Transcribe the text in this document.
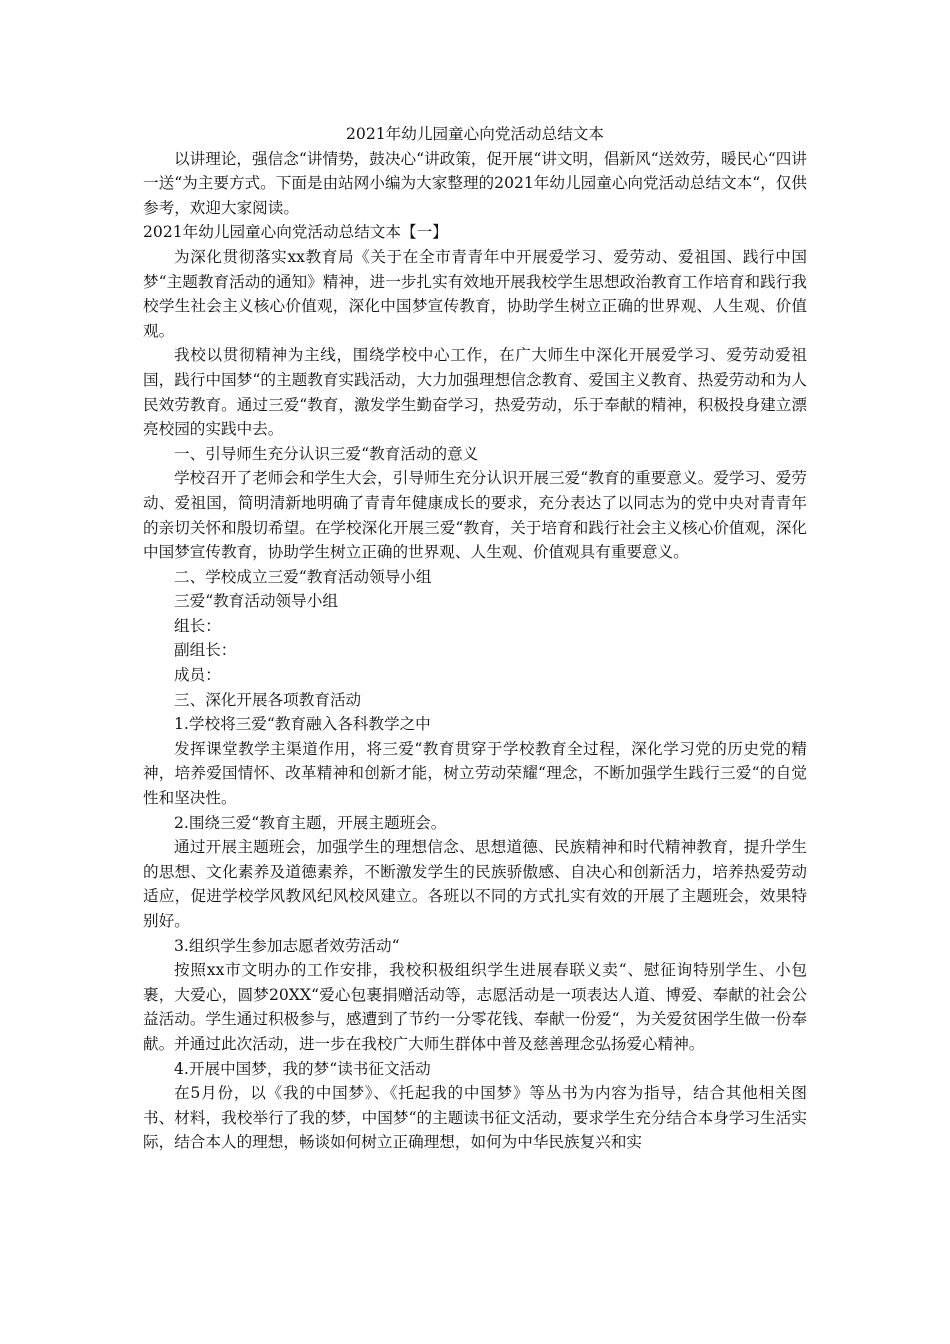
2021年幼儿园童心向党活动总结文本

以讲理论，强信念“讲情势，鼓决心“讲政策，促开展“讲文明，倡新风“送效劳，暖民心“四讲一送“为主要方式。下面是由站网小编为大家整理的2021年幼儿园童心向党活动总结文本“，仅供参考，欢迎大家阅读。

2021年幼儿园童心向党活动总结文本【一】

为深化贯彻落实xx教育局《关于在全市青青年中开展爱学习、爱劳动、爱祖国、践行中国梦“主题教育活动的通知》精神，进一步扎实有效地开展我校学生思想政治教育工作培育和践行我校学生社会主义核心价值观，深化中国梦宣传教育，协助学生树立正确的世界观、人生观、价值观。

我校以贯彻精神为主线，围绕学校中心工作，在广大师生中深化开展爱学习、爱劳动爱祖国，践行中国梦“的主题教育实践活动，大力加强理想信念教育、爱国主义教育、热爱劳动和为人民效劳教育。通过三爱“教育，激发学生勤奋学习，热爱劳动，乐于奉献的精神，积极投身建立漂亮校园的实践中去。

一、引导师生充分认识三爱“教育活动的意义

学校召开了老师会和学生大会，引导师生充分认识开展三爱“教育的重要意义。爱学习、爱劳动、爱祖国，简明清新地明确了青青年健康成长的要求，充分表达了以同志为的党中央对青青年的亲切关怀和殷切希望。在学校深化开展三爱“教育，关于培育和践行社会主义核心价值观，深化中国梦宣传教育，协助学生树立正确的世界观、人生观、价值观具有重要意义。

二、学校成立三爱“教育活动领导小组

三爱“教育活动领导小组

组长：

副组长：

成员：

三、深化开展各项教育活动

1.学校将三爱“教育融入各科教学之中

发挥课堂教学主渠道作用，将三爱“教育贯穿于学校教育全过程，深化学习党的历史党的精神，培养爱国情怀、改革精神和创新才能，树立劳动荣耀“理念，不断加强学生践行三爱“的自觉性和坚决性。

2.围绕三爱“教育主题，开展主题班会。

通过开展主题班会，加强学生的理想信念、思想道德、民族精神和时代精神教育，提升学生的思想、文化素养及道德素养，不断激发学生的民族骄傲感、自决心和创新活力，培养热爱劳动适应，促进学校学风教风纪风校风建立。各班以不同的方式扎实有效的开展了主题班会，效果特别好。

3.组织学生参加志愿者效劳活动“

按照xx市文明办的工作安排，我校积极组织学生进展春联义卖“、慰征询特别学生、小包裹，大爱心，圆梦20XX“爱心包裹捐赠活动等，志愿活动是一项表达人道、博爱、奉献的社会公益活动。学生通过积极参与，感遭到了节约一分零花钱、奉献一份爱“，为关爱贫困学生做一份奉献。并通过此次活动，进一步在我校广大师生群体中普及慈善理念弘扬爱心精神。

4.开展中国梦，我的梦“读书征文活动

在5月份，以《我的中国梦》、《托起我的中国梦》等丛书为内容为指导，结合其他相关图书、材料，我校举行了我的梦，中国梦“的主题读书征文活动，要求学生充分结合本身学习生活实际，结合本人的理想，畅谈如何树立正确理想，如何为中华民族复兴和实
